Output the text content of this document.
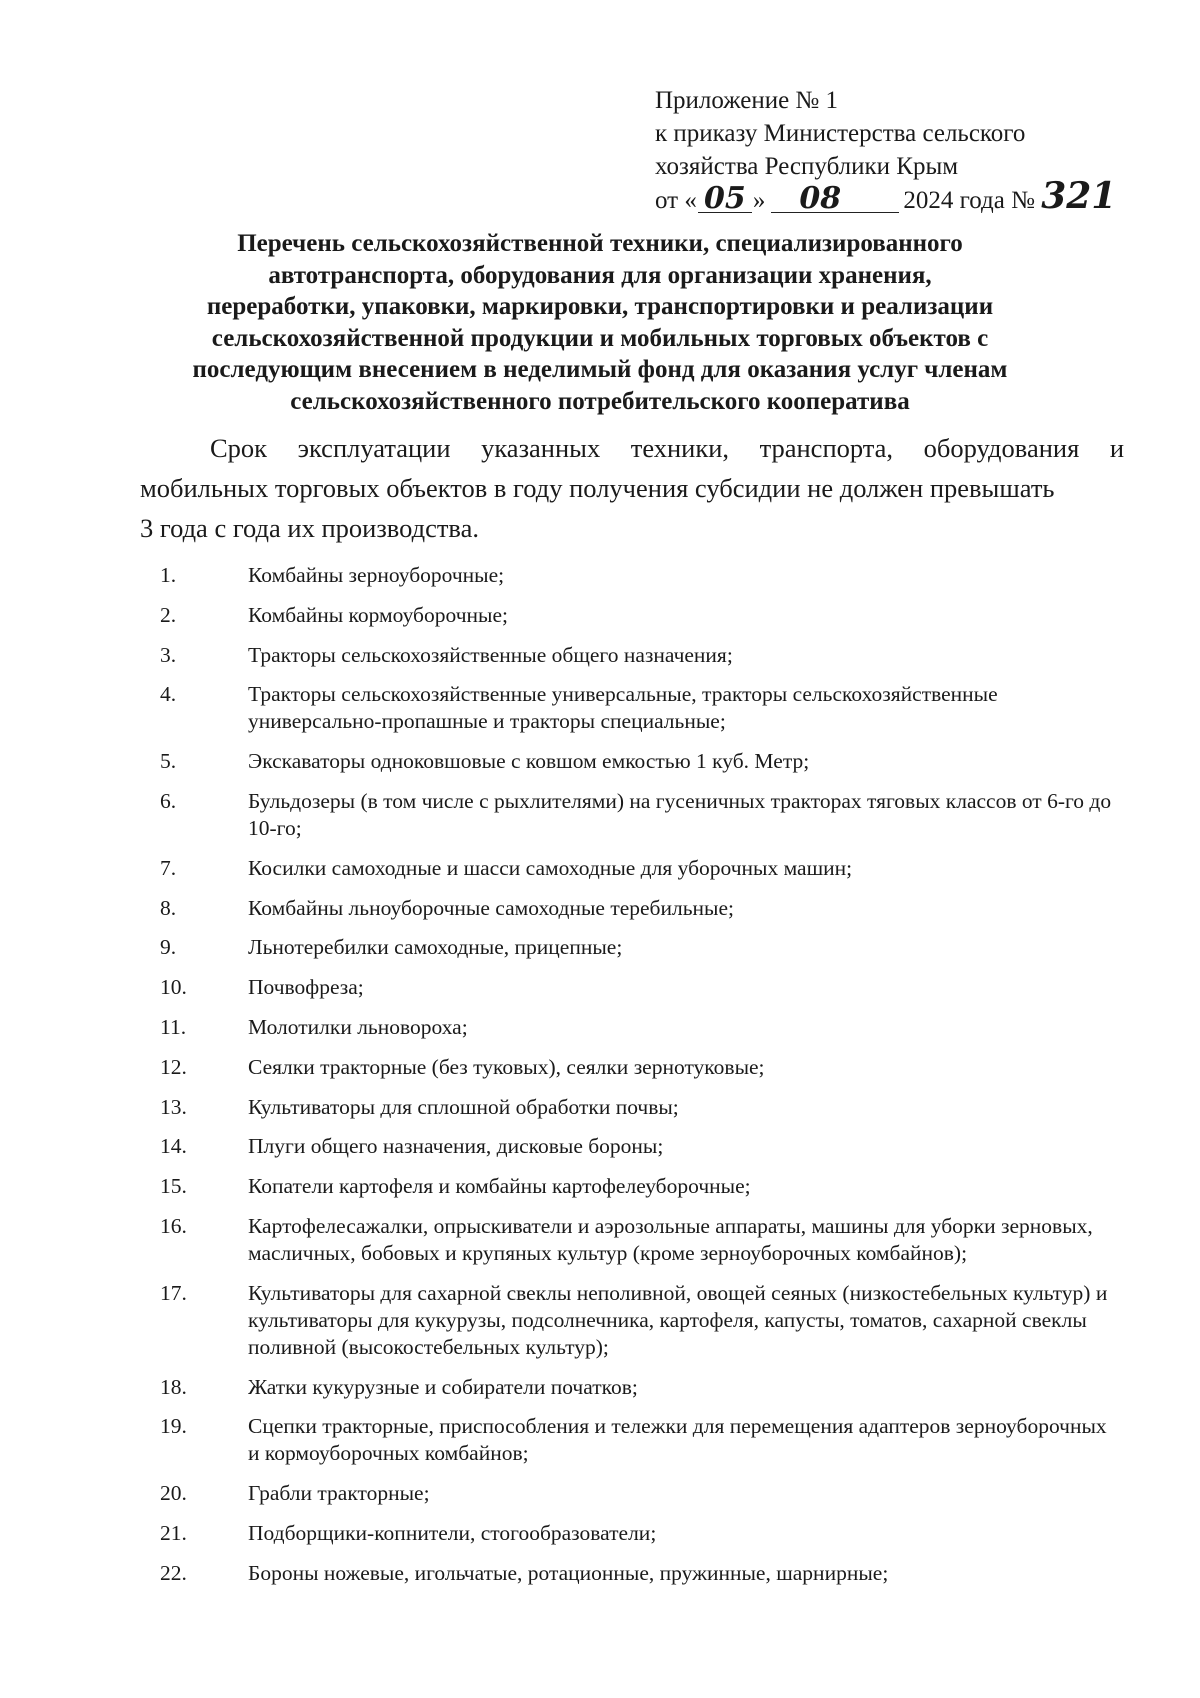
Приложение № 1
к приказу Министерства сельского
хозяйства Республики Крым
от « 05 » 08 2024 года № 321
Перечень сельскохозяйственной техники, специализированного
автотранспорта, оборудования для организации хранения,
переработки, упаковки, маркировки, транспортировки и реализации
сельскохозяйственной продукции и мобильных торговых объектов с
последующим внесением в неделимый фонд для оказания услуг членам
сельскохозяйственного потребительского кооператива
Срок эксплуатации указанных техники, транспорта, оборудования и
мобильных торговых объектов в году получения субсидии не должен превышать
3 года с года их производства.
1.	Комбайны зерноуборочные;
2.	Комбайны кормоуборочные;
3.	Тракторы сельскохозяйственные общего назначения;
4.	Тракторы сельскохозяйственные универсальные, тракторы сельскохозяйственные универсально-пропашные и тракторы специальные;
5.	Экскаваторы одноковшовые с ковшом емкостью 1 куб. Метр;
6.	Бульдозеры (в том числе с рыхлителями) на гусеничных тракторах тяговых классов от 6-го до 10-го;
7.	Косилки самоходные и шасси самоходные для уборочных машин;
8.	Комбайны льноуборочные самоходные теребильные;
9.	Льнотеребилки самоходные, прицепные;
10.	Почвофреза;
11.	Молотилки льновороха;
12.	Сеялки тракторные (без туковых), сеялки зернотуковые;
13.	Культиваторы для сплошной обработки почвы;
14.	Плуги общего назначения, дисковые бороны;
15.	Копатели картофеля и комбайны картофелеуборочные;
16.	Картофелесажалки, опрыскиватели и аэрозольные аппараты, машины для уборки зерновых, масличных, бобовых и крупяных культур (кроме зерноуборочных комбайнов);
17.	Культиваторы для сахарной свеклы неполивной, овощей сеяных (низкостебельных культур) и культиваторы для кукурузы, подсолнечника, картофеля, капусты, томатов, сахарной свеклы поливной (высокостебельных культур);
18.	Жатки кукурузные и собиратели початков;
19.	Сцепки тракторные, приспособления и тележки для перемещения адаптеров зерноуборочных и кормоуборочных комбайнов;
20.	Грабли тракторные;
21.	Подборщики-копнители, стогообразователи;
22.	Бороны ножевые, игольчатые, ротационные, пружинные, шарнирные;
